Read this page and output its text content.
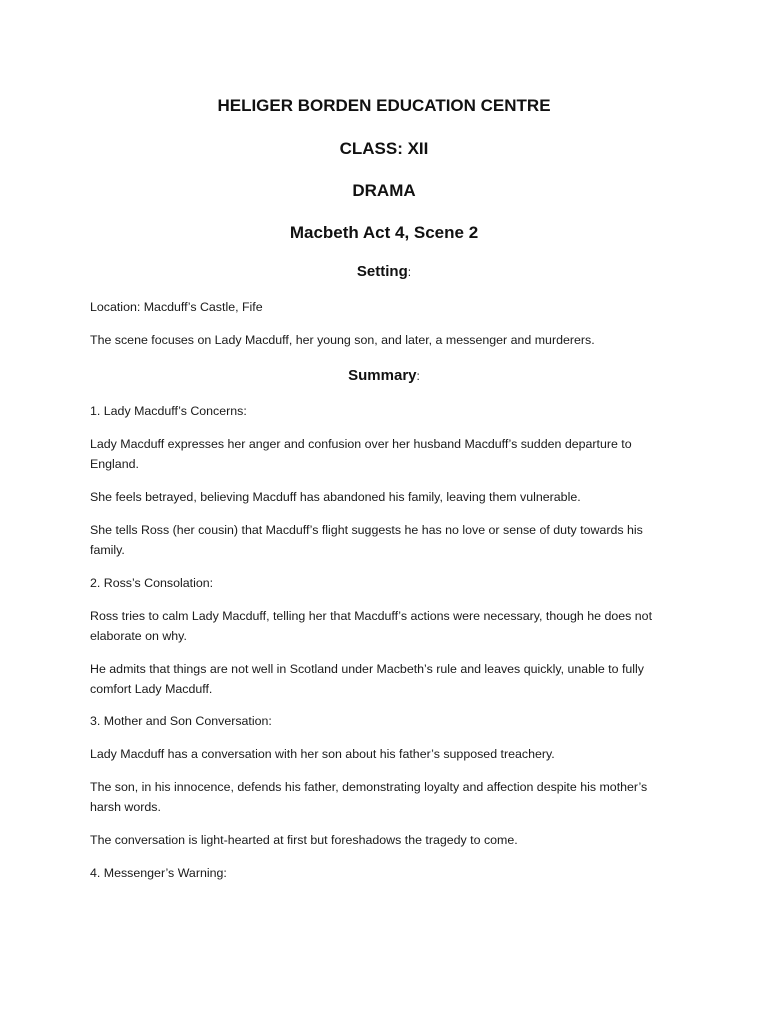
HELIGER BORDEN EDUCATION CENTRE
CLASS: XII
DRAMA
Macbeth Act 4, Scene 2
Setting:
Location: Macduff’s Castle, Fife
The scene focuses on Lady Macduff, her young son, and later, a messenger and murderers.
Summary:
1. Lady Macduff’s Concerns:
Lady Macduff expresses her anger and confusion over her husband Macduff’s sudden departure to England.
She feels betrayed, believing Macduff has abandoned his family, leaving them vulnerable.
She tells Ross (her cousin) that Macduff’s flight suggests he has no love or sense of duty towards his family.
2. Ross’s Consolation:
Ross tries to calm Lady Macduff, telling her that Macduff’s actions were necessary, though he does not elaborate on why.
He admits that things are not well in Scotland under Macbeth’s rule and leaves quickly, unable to fully comfort Lady Macduff.
3. Mother and Son Conversation:
Lady Macduff has a conversation with her son about his father’s supposed treachery.
The son, in his innocence, defends his father, demonstrating loyalty and affection despite his mother’s harsh words.
The conversation is light-hearted at first but foreshadows the tragedy to come.
4. Messenger’s Warning:
